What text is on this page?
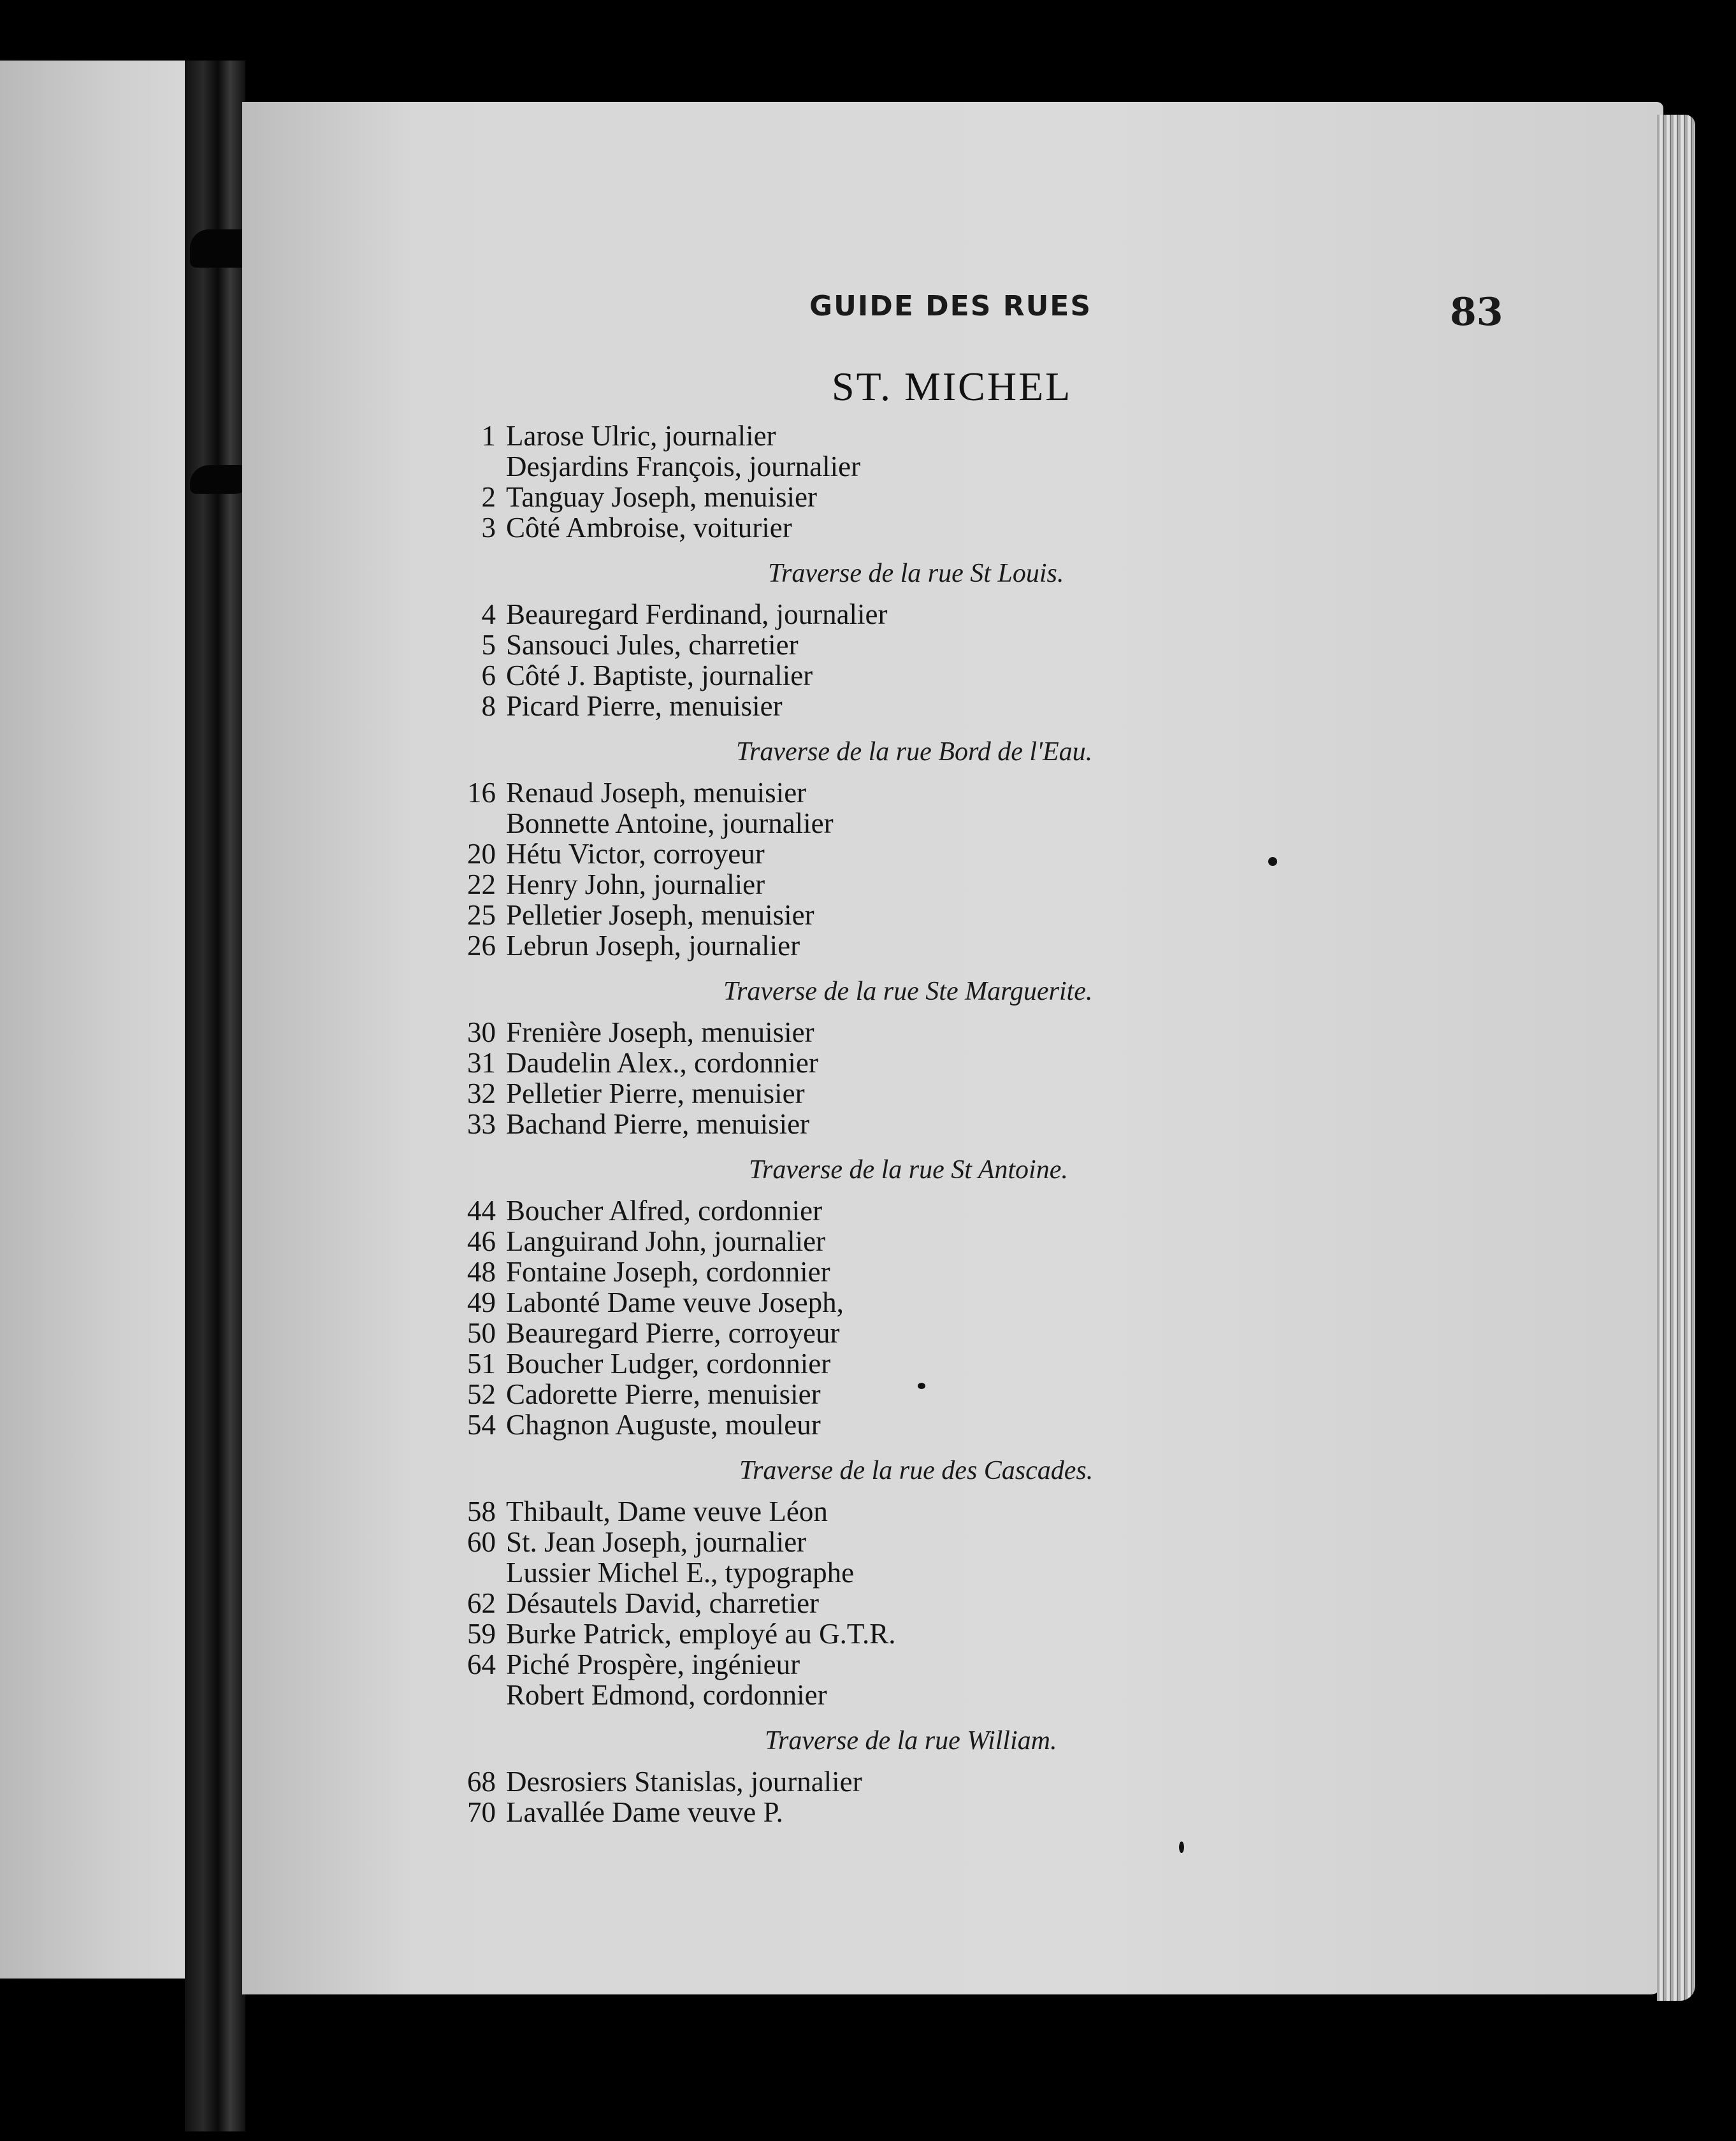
GUIDE DES RUES	83
ST. MICHEL
1 Larose Ulric, journalier
Desjardins François, journalier
2 Tanguay Joseph, menuisier
3 Côté Ambroise, voiturier
Traverse de la rue St Louis.
4 Beauregard Ferdinand, journalier
5 Sansouci Jules, charretier
6 Côté J. Baptiste, journalier
8 Picard Pierre, menuisier
Traverse de la rue Bord de l'Eau.
16 Renaud Joseph, menuisier
Bonnette Antoine, journalier
20 Hétu Victor, corroyeur
22 Henry John, journalier
25 Pelletier Joseph, menuisier
26 Lebrun Joseph, journalier
Traverse de la rue Ste Marguerite.
30 Frenière Joseph, menuisier
31 Daudelin Alex., cordonnier
32 Pelletier Pierre, menuisier
33 Bachand Pierre, menuisier
Traverse de la rue St Antoine.
44 Boucher Alfred, cordonnier
46 Languirand John, journalier
48 Fontaine Joseph, cordonnier
49 Labonté Dame veuve Joseph,
50 Beauregard Pierre, corroyeur
51 Boucher Ludger, cordonnier
52 Cadorette Pierre, menuisier
54 Chagnon Auguste, mouleur
Traverse de la rue des Cascades.
58 Thibault, Dame veuve Léon
60 St. Jean Joseph, journalier
Lussier Michel E., typographe
62 Désautels David, charretier
59 Burke Patrick, employé au G.T.R.
64 Piché Prospère, ingénieur
Robert Edmond, cordonnier
Traverse de la rue William.
68 Desrosiers Stanislas, journalier
70 Lavallée Dame veuve P.
